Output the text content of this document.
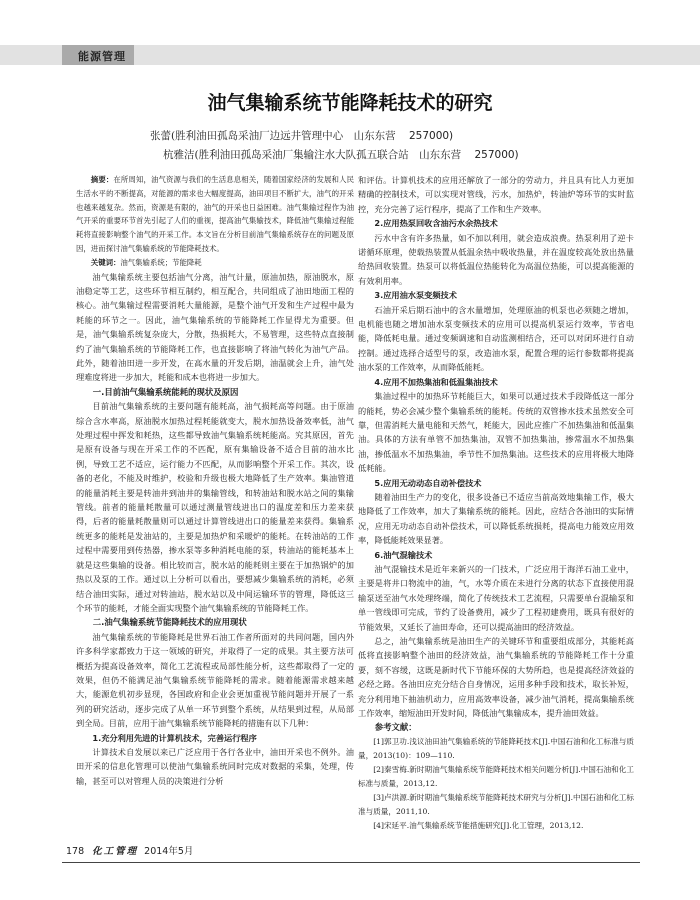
能源管理
油气集输系统节能降耗技术的研究
张蕾(胜利油田孤岛采油厂边远井管理中心　山东东营 257000)
杭雅洁(胜利油田孤岛采油厂集输注水大队孤五联合站　山东东营 257000)

摘要：在所周知，油气资源与我们的生活息息相关，随着国家经济的发展和人民生活水平的不断提高，对能源的需求也大幅度提高，油田项目不断扩大，油气的开采也越来越复杂。然而，资源是有限的，油气的开采也日益困难。油气集输过程作为油气开采的重要环节首先引起了人们的重视，提高油气集输技术，降低油气集输过程能耗将直接影响整个油气的开采工作。本文旨在分析目前油气集输系统存在的问题及原因，进而探讨油气集输系统的节能降耗技术。

关键词：油气集输系统；节能降耗

油气集输系统主要包括油气分离，油气计量，原油加热，原油脱水，原油稳定等工艺，这些环节相互制约，相互配合，共同组成了油田地面工程的核心。油气集输过程需要消耗大量能源，是整个油气开发和生产过程中最为耗能的环节之一。因此，油气集输系统的节能降耗工作显得尤为重要。但是，油气集输系统复杂庞大，分散，热损耗大，不易管理，这些特点直接制约了油气集输系统的节能降耗工作，也直接影响了将油气转化为油气产品。此外，随着油田进一步开发，在高水量的开发后期，油温就会上升，油气处理难度将进一步加大，耗能和成本也将进一步加大。

一.目前油气集输系统能耗的现状及原因

目前油气集输系统的主要问题有能耗高，油气损耗高等问题。由于原油综合含水率高，原油脱水加热过程耗能就变大，脱水加热设备效率低，油气处理过程中挥发和耗热，这些都导致油气集输系统耗能高。究其原因，首先是原有设备与现在开采工作的不匹配，原有集输设备不适合目前的油水比例，导致工艺不适应，运行能力不匹配，从而影响整个开采工作。其次，设备的老化，不能及时维护，校验和升级也极大地降低了生产效率。集油管道的能量消耗主要是转油井到油井的集输管线，和转油站和脱水站之间的集输管线。前者的能量耗散量可以通过测量管线进出口的温度差和压力差来获得，后者的能量耗散量则可以通过计算管线进出口的能量差来获得。集输系统更多的能耗是发油站的，主要是加热炉和采暖炉的能耗。在转油站的工作过程中需要用到传热器，掺水泵等多种消耗电能的泵，转油站的能耗基本上就是这些集输的设备。相比较而言，脱水站的能耗则主要在于加热锅炉的加热以及泵的工作。通过以上分析可以看出，要想减少集输系统的消耗，必须结合油田实际，通过对转油站，脱水站以及中间运输环节的管理，降低这三个环节的能耗，才能全面实现整个油气集输系统的节能降耗工作。

二.油气集输系统节能降耗技术的应用现状

油气集输系统的节能降耗是世界石油工作者所面对的共同问题，国内外许多科学家都致力于这一领域的研究，并取得了一定的成果。其主要方法可概括为提高设备效率，简化工艺流程或局部性能分析，这些都取得了一定的效果，但仍不能满足油气集输系统节能降耗的需求。随着能源需求越来越大，能源危机初步显现，各国政府和企业会更加重视节能问题并开展了一系列的研究活动，逐步完成了从单一环节到整个系统，从结果到过程，从局部到全局。目前，应用于油气集输系统节能降耗的措施有以下几种：

1.充分利用先进的计算机技术，完善运行程序

计算技术自发展以来已广泛应用于各行各业中，油田开采也不例外。油田开采的信息化管理可以使油气集输系统同时完成对数据的采集，处理，传输，甚至可以对管理人员的决策进行分析

和评估。计算机技术的应用还解放了一部分的劳动力，并且具有比人力更加精确的控制技术，可以实现对管线，污水，加热炉，转油炉等环节的实时监控，充分完善了运行程序，提高了工作和生产效率。

2.应用热泵回收含油污水余热技术

污水中含有许多热量，如不加以利用，就会造成浪费。热泵利用了逆卡诺循环原理，使载热装置从低温余热中吸收热量，并在温度较高处放出热量给热回收装置。热泵可以将低温位热能转化为高温位热能，可以提高能源的有效利用率。

3.应用油水泵变频技术

石油开采后期石油中的含水量增加，处理原油的机泵也必须随之增加，电机能也随之增加油水泵变频技术的应用可以提高机泵运行效率，节省电能，降低耗电量。通过变频调速和自动监测相结合，还可以对闭环进行自动控制。通过选择合适型号的泵，改造油水泵，配置合理的运行参数都将提高油水泵的工作效率，从而降低能耗。

4.应用不加热集油和低温集油技术

集油过程中的加热环节耗能巨大，如果可以通过技术手段降低这一部分的能耗，势必会减少整个集输系统的能耗。传统的双管掺水技术虽然安全可靠，但需消耗大量电能和天然气，耗能大，因此应推广不加热集油和低温集油。具体的方法有单管不加热集油，双管不加热集油，掺常温水不加热集油，掺低温水不加热集油，季节性不加热集油。这些技术的应用将极大地降低耗能。

5.应用无动动态自动补偿技术

随着油田生产力的变化，很多设备已不适应当前高效地集输工作，极大地降低了工作效率，加大了集输系统的能耗。因此，应结合各油田的实际情况，应用无功动态自动补偿技术，可以降低系统损耗，提高电力能效应用效率，降低能耗效果显著。

6.油气混输技术

油气混输技术是近年来新兴的一门技术，广泛应用于海洋石油工业中，主要是将井口物流中的油，气，水等介质在未进行分离的状态下直接使用混输泵送至油气水处理终端，简化了传统技术工艺流程，只需要单台混输泵和单一管线即可完成，节约了设备费用，减少了工程初建费用，既具有很好的节能效果，又延长了油田寿命，还可以提高油田的经济效益。

总之，油气集输系统是油田生产的关键环节和重要组成部分，其能耗高低将直接影响整个油田的经济效益，油气集输系统的节能降耗工作十分重要，刻不容缓，这既是新时代下节能环保的大势所趋，也是提高经济效益的必经之路。各油田应充分结合自身情况，运用多种手段和技术，取长补短，充分利用地下抽油机动力，应用高效率设备，减少油气消耗，提高集输系统工作效率，缩短油田开发时间，降低油气集输成本，提升油田效益。

参考文献：

[1]郭卫功.浅议油田油气集输系统的节能降耗技术[J].中国石油和化工标准与质量，2013(10)：109—110.

[2]秦雪梅.新时期油气集输系统节能降耗技术相关问题分析[J].中国石油和化工标准与质量，2013,12.

[3]卢洪源.新时期油气集输系统节能降耗技术研究与分析[J].中国石油和化工标准与质量，2011,10.

[4]宋延平.油气集输系统节能措施研究[J].化工管理，2013,12.

178 化工管理 2014年5月
